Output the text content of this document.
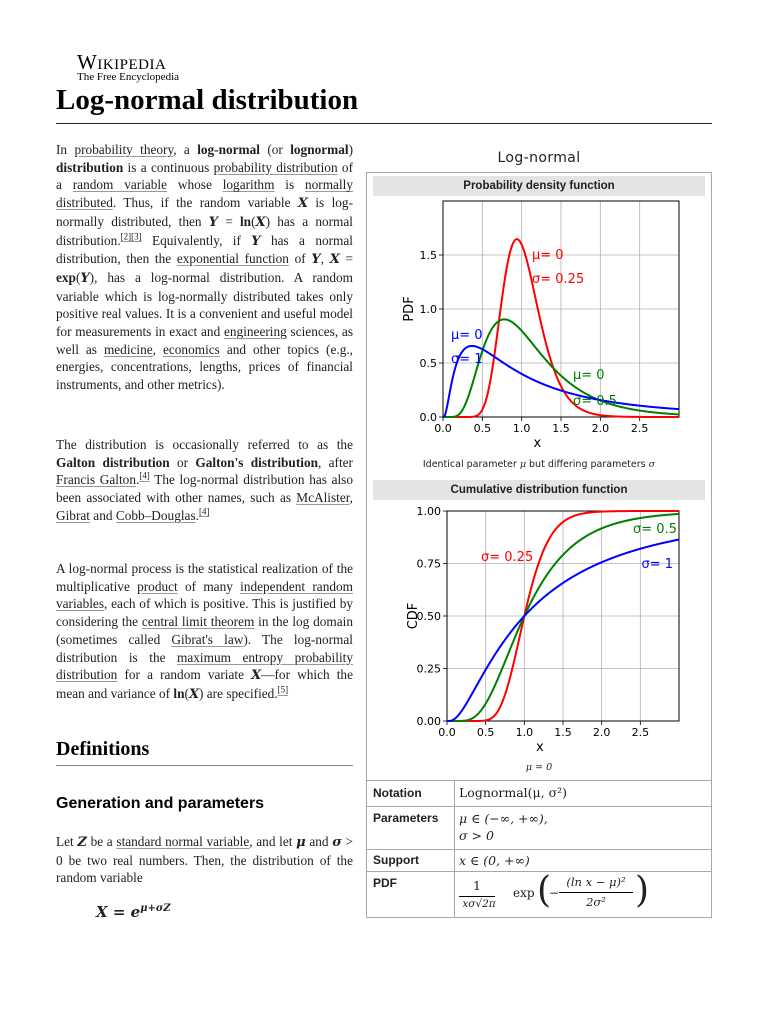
Wikipedia
The Free Encyclopedia
Log-normal distribution
In probability theory, a log-normal (or lognormal) distribution is a continuous probability distribution of a random variable whose logarithm is normally distributed. Thus, if the random variable X is log-normally distributed, then Y = ln(X) has a normal distribution.[2][3] Equivalently, if Y has a normal distribution, then the exponential function of Y, X = exp(Y), has a log-normal distribution. A random variable which is log-normally distributed takes only positive real values. It is a convenient and useful model for measurements in exact and engineering sciences, as well as medicine, economics and other topics (e.g., energies, concentrations, lengths, prices of financial instruments, and other metrics).
The distribution is occasionally referred to as the Galton distribution or Galton's distribution, after Francis Galton.[4] The log-normal distribution has also been associated with other names, such as McAlister, Gibrat and Cobb–Douglas.[4]
A log-normal process is the statistical realization of the multiplicative product of many independent random variables, each of which is positive. This is justified by considering the central limit theorem in the log domain (sometimes called Gibrat's law). The log-normal distribution is the maximum entropy probability distribution for a random variate X—for which the mean and variance of ln(X) are specified.[5]
Definitions
Generation and parameters
Let Z be a standard normal variable, and let μ and σ > 0 be two real numbers. Then, the distribution of the random variable
$X = e^{\mu+\sigma Z}$
Log-normal
Probability density function
0.0 0.5 1.0 1.5 2.0 2.5
0.0
0.5
1.0
1.5
x
PDF
μ= 0
σ= 0.25
μ= 0
σ= 1
μ= 0
σ= 0.5
Identical parameter μ but differing parameters σ
Cumulative distribution function
0.0 0.5 1.0 1.5 2.0 2.5
0.00
0.25
0.50
0.75
1.00
x
CDF
σ= 0.25
σ= 0.5
σ= 1
μ = 0
Notation	Lognormal(μ, σ²)
Parameters μ ∈ (−∞, +∞),
σ > 0
Support	x ∈ (0, +∞)
PDF	1
xσ√2π
exp (
−
(ln x − μ)²
2σ² )
